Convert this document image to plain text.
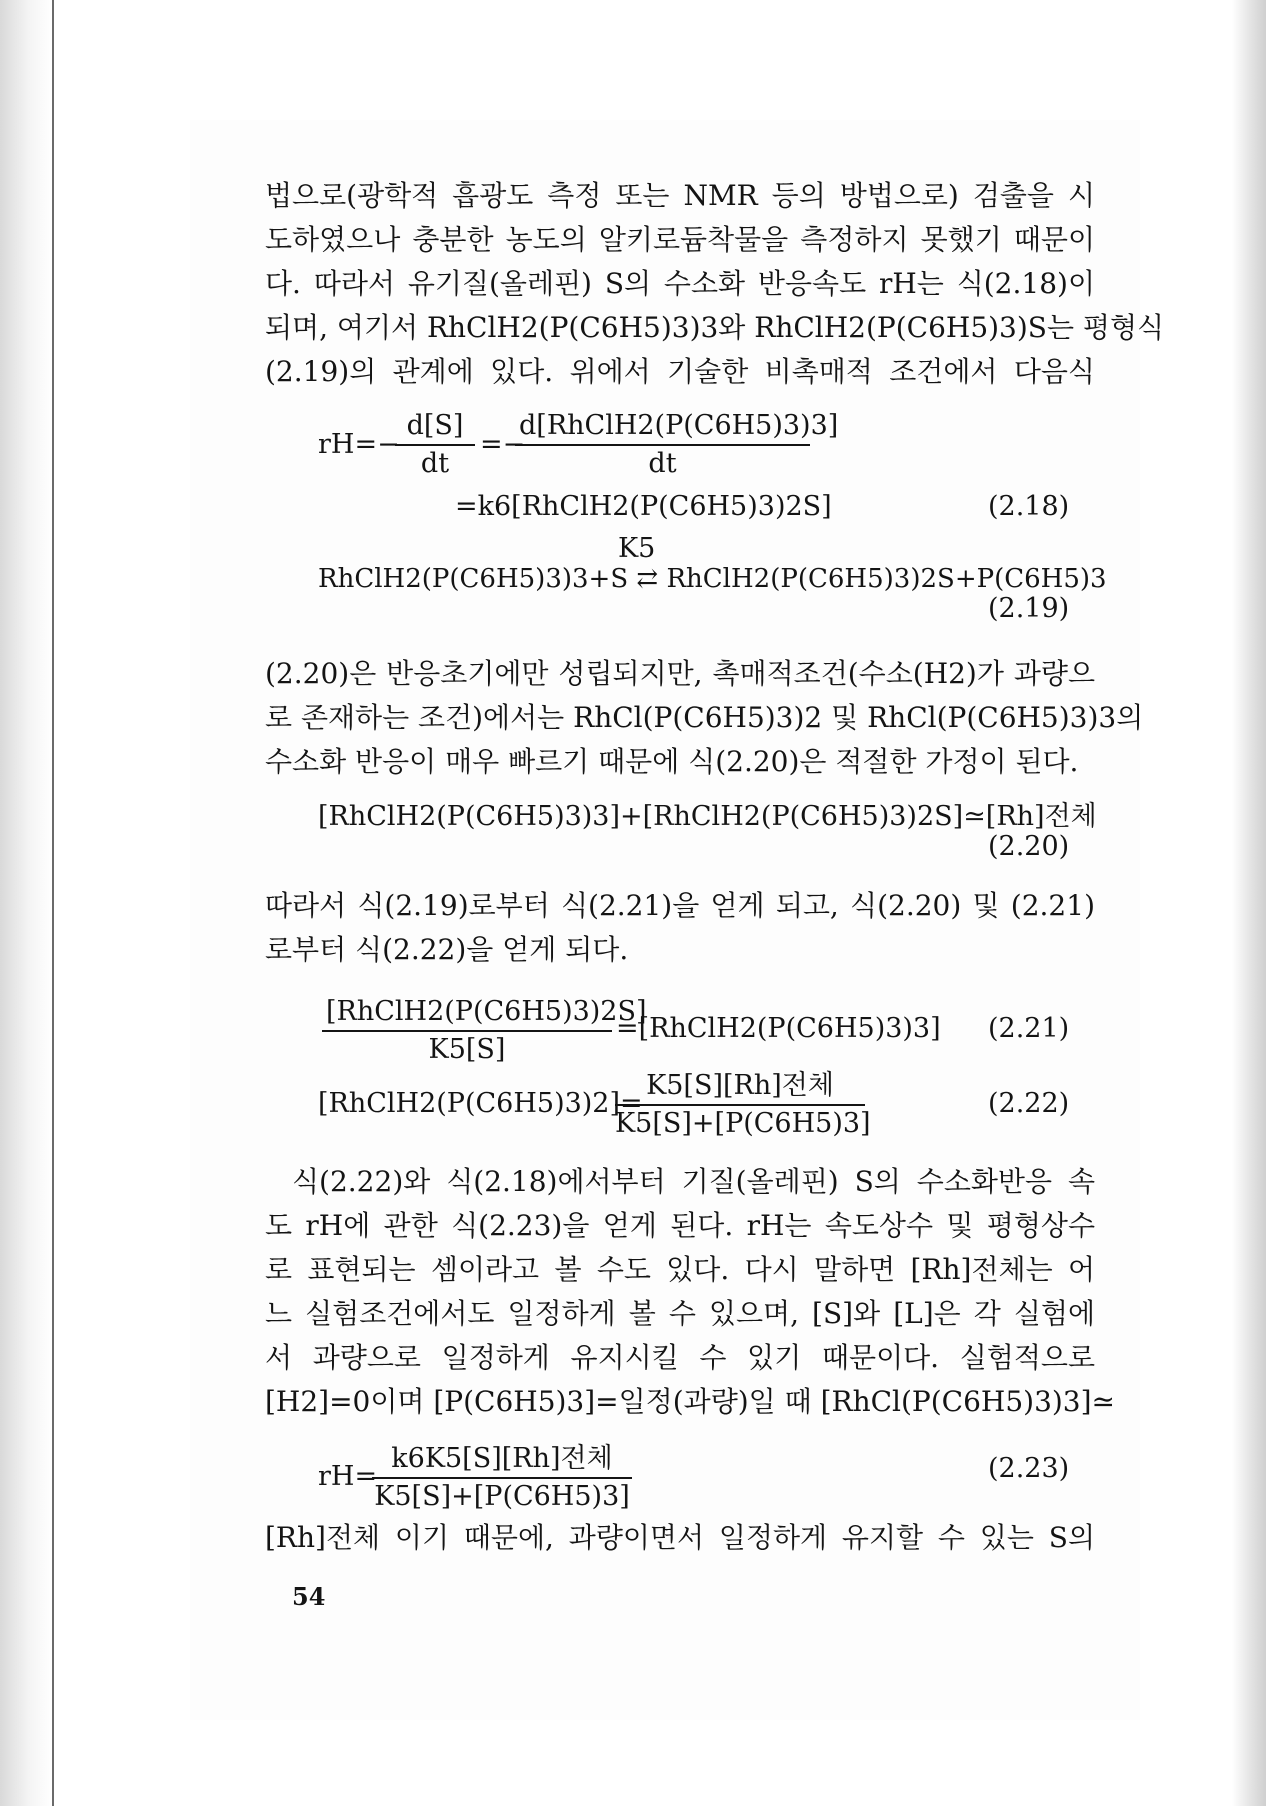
법으로(광학적 흡광도 측정 또는 NMR 등의 방법으로) 검출을 시
도하였으나 충분한 농도의 알키로듐착물을 측정하지 못했기 때문이
다. 따라서 유기질(올레핀) S의 수소화 반응속도 rH는 식(2.18)이
되며, 여기서 RhClH2(P(C6H5)3)3와 RhClH2(P(C6H5)3)S는 평형식
(2.19)의 관계에 있다. 위에서 기술한 비촉매적 조건에서 다음식
rH=−
$\frac{d[S]}{dt}$ =−
d[RhClH2(P(C6H5)3)3]
dt
=k6[RhClH2(P(C6H5)3)2S]	(2.18)
K5
RhClH2(P(C6H5)3)3+S ⇄ RhClH2(P(C6H5)3)2S+P(C6H5)3
(2.19)
(2.20)은 반응초기에만 성립되지만, 촉매적조건(수소(H2)가 과량으
로 존재하는 조건)에서는 RhCl(P(C6H5)3)2 및 RhCl(P(C6H5)3)3의
수소화 반응이 매우 빠르기 때문에 식(2.20)은 적절한 가정이 된다.
[RhClH2(P(C6H5)3)3]+[RhClH2(P(C6H5)3)2S]≃[Rh]전체
(2.20)
따라서 식(2.19)로부터 식(2.21)을 얻게 되고, 식(2.20) 및 (2.21)
로부터 식(2.22)을 얻게 되다.
[RhClH2(P(C6H5)3)2S]
K5[S]
=[RhClH2(P(C6H5)3)3] (2.21)
[RhClH2(P(C6H5)3)2]=
K5[S][Rh]전체
K5[S]+[P(C6H5)3]
(2.22)
식(2.22)와 식(2.18)에서부터 기질(올레핀) S의 수소화반응 속
도 rH에 관한 식(2.23)을 얻게 된다. rH는 속도상수 및 평형상수
로 표현되는 셈이라고 볼 수도 있다. 다시 말하면 [Rh]전체는 어
느 실험조건에서도 일정하게 볼 수 있으며, [S]와 [L]은 각 실험에
서 과량으로 일정하게 유지시킬 수 있기 때문이다. 실험적으로
[H2]=0이며 [P(C6H5)3]=일정(과량)일 때 [RhCl(P(C6H5)3)3]≃
rH=
k6K5[S][Rh]전체
K5[S]+[P(C6H5)3]
(2.23)
[Rh]전체 이기 때문에, 과량이면서 일정하게 유지할 수 있는 S의
54
